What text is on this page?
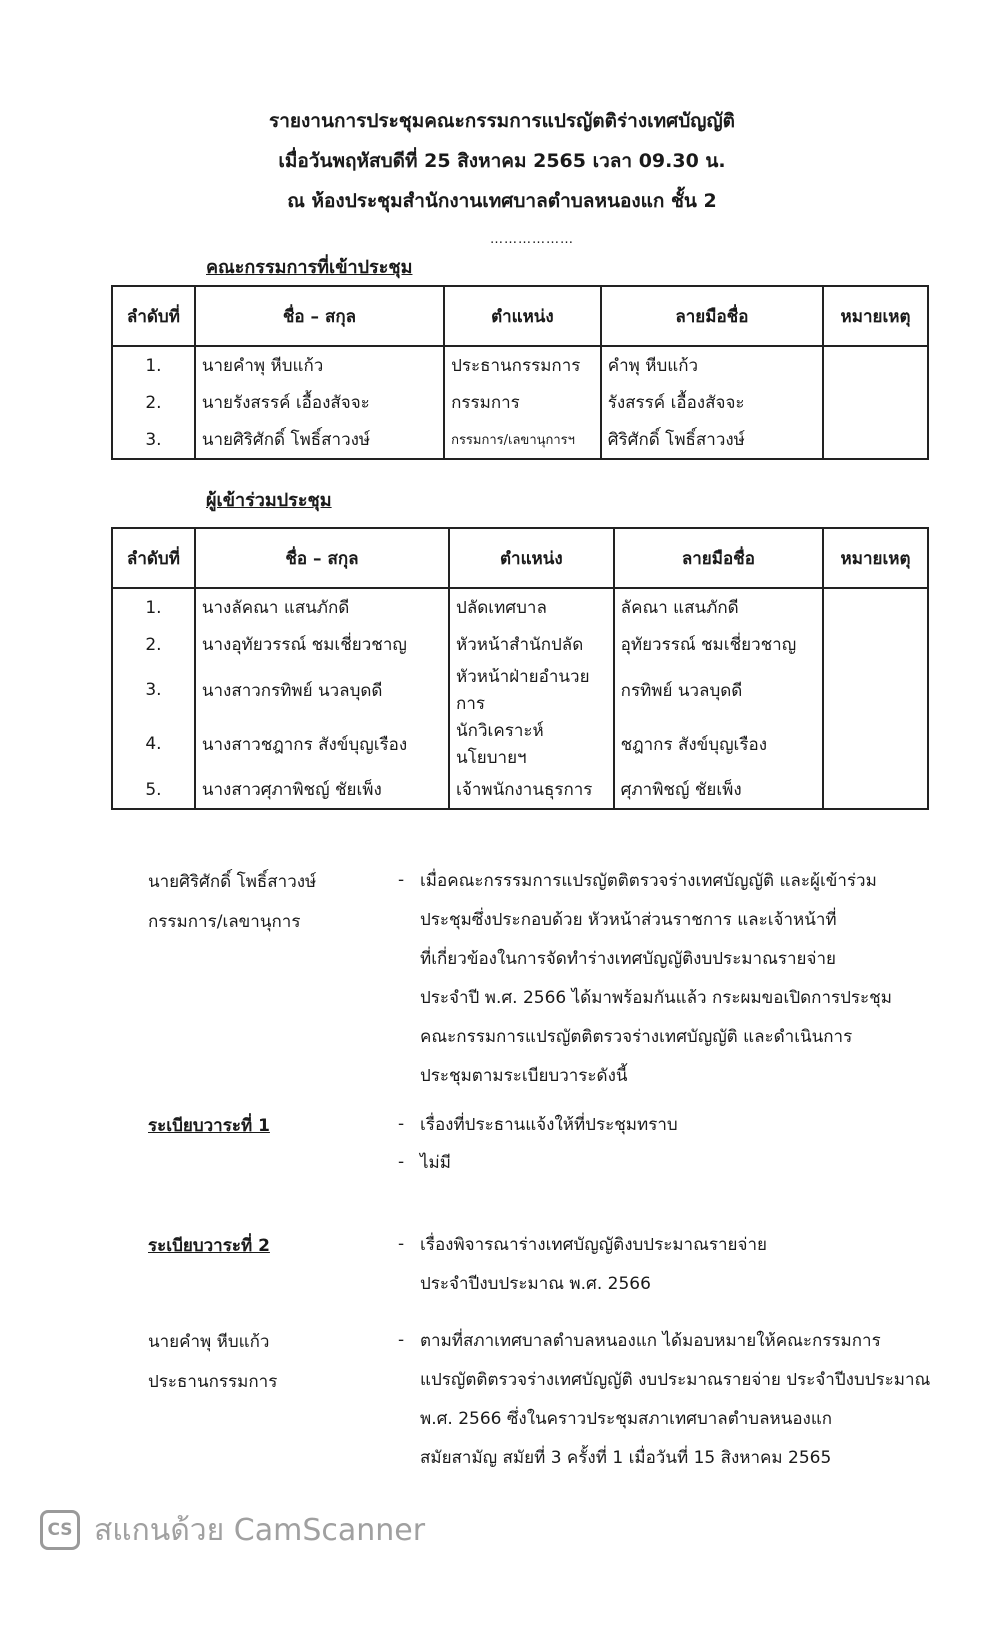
รายงานการประชุมคณะกรรมการแปรญัตติร่างเทศบัญญัติ
เมื่อวันพฤหัสบดีที่ 25 สิงหาคม 2565 เวลา 09.30 น.
ณ ห้องประชุมสำนักงานเทศบาลตำบลหนองแก ชั้น 2
………………
คณะกรรมการที่เข้าประชุม
ลำดับที่	ชื่อ – สกุล	ตำแหน่ง	ลายมือชื่อ	หมายเหตุ
1.	นายคำพุ หีบแก้ว	ประธานกรรมการ	คำพุ หีบแก้ว	
2.	นายรังสรรค์ เอื้องสัจจะ	กรรมการ	รังสรรค์ เอื้องสัจจะ	
3.	นายศิริศักดิ์ โพธิ์สาวงษ์	กรรมการ/เลขานุการฯ	ศิริศักดิ์ โพธิ์สาวงษ์	
ผู้เข้าร่วมประชุม
ลำดับที่	ชื่อ – สกุล	ตำแหน่ง	ลายมือชื่อ	หมายเหตุ
1.	นางลัคณา แสนภักดี	ปลัดเทศบาล	ลัคณา แสนภักดี	
2.	นางอุทัยวรรณ์ ชมเชี่ยวชาญ	หัวหน้าสำนักปลัด	อุทัยวรรณ์ ชมเชี่ยวชาญ	
3.	นางสาวกรทิพย์ นวลบุดดี	หัวหน้าฝ่ายอำนวยการ	กรทิพย์ นวลบุดดี	
4.	นางสาวชฎากร สังข์บุญเรือง	นักวิเคราะห์นโยบายฯ	ชฎากร สังข์บุญเรือง	
5.	นางสาวศุภาพิชญ์ ชัยเพ็ง	เจ้าพนักงานธุรการ	ศุภาพิชญ์ ชัยเพ็ง	
นายศิริศักดิ์ โพธิ์สาวงษ์
กรรมการ/เลขานุการ
- เมื่อคณะกรรรมการแปรญัตติตรวจร่างเทศบัญญัติ และผู้เข้าร่วม

ประชุมซึ่งประกอบด้วย หัวหน้าส่วนราชการ และเจ้าหน้าที่

ที่เกี่ยวข้องในการจัดทำร่างเทศบัญญัติงบประมาณรายจ่าย

ประจำปี พ.ศ. 2566 ได้มาพร้อมกันแล้ว กระผมขอเปิดการประชุม

คณะกรรมการแปรญัตติตรวจร่างเทศบัญญัติ และดำเนินการ

ประชุมตามระเบียบวาระดังนี้

ระเบียบวาระที่ 1	- เรื่องที่ประธานแจ้งให้ที่ประชุมทราบ
- ไม่มี
ระเบียบวาระที่ 2	- เรื่องพิจารณาร่างเทศบัญญัติงบประมาณรายจ่าย

ประจำปีงบประมาณ พ.ศ. 2566

นายคำพุ หีบแก้ว
ประธานกรรมการ
- ตามที่สภาเทศบาลตำบลหนองแก ได้มอบหมายให้คณะกรรมการ

แปรญัตติตรวจร่างเทศบัญญัติ งบประมาณรายจ่าย ประจำปีงบประมาณ

พ.ศ. 2566 ซึ่งในคราวประชุมสภาเทศบาลตำบลหนองแก

สมัยสามัญ สมัยที่ 3 ครั้งที่ 1 เมื่อวันที่ 15 สิงหาคม 2565

CS สแกนด้วย CamScanner
